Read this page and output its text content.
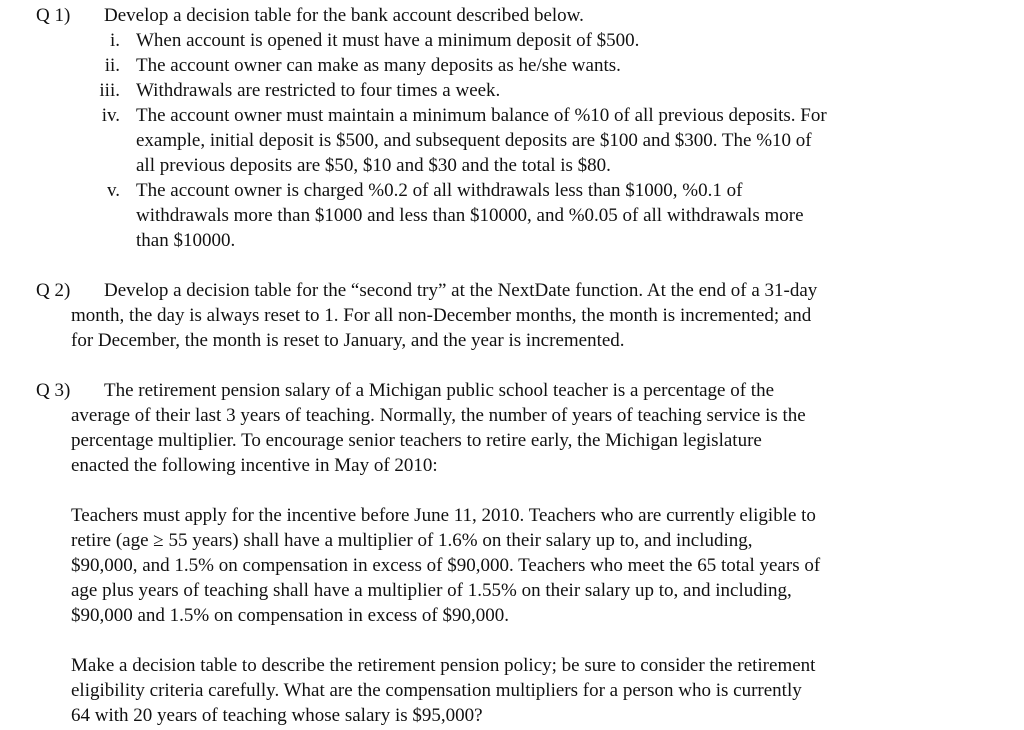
Q 1) Develop a decision table for the bank account described below.
i. When account is opened it must have a minimum deposit of $500.
ii. The account owner can make as many deposits as he/she wants.
iii. Withdrawals are restricted to four times a week.
iv. The account owner must maintain a minimum balance of %10 of all previous deposits. For
example, initial deposit is $500, and subsequent deposits are $100 and $300. The %10 of
all previous deposits are $50, $10 and $30 and the total is $80.
v. The account owner is charged %0.2 of all withdrawals less than $1000, %0.1 of
withdrawals more than $1000 and less than $10000, and %0.05 of all withdrawals more
than $10000.
Q 2) Develop a decision table for the “second try” at the NextDate function. At the end of a 31-day
month, the day is always reset to 1. For all non-December months, the month is incremented; and
for December, the month is reset to January, and the year is incremented.
Q 3) The retirement pension salary of a Michigan public school teacher is a percentage of the
average of their last 3 years of teaching. Normally, the number of years of teaching service is the
percentage multiplier. To encourage senior teachers to retire early, the Michigan legislature
enacted the following incentive in May of 2010:
Teachers must apply for the incentive before June 11, 2010. Teachers who are currently eligible to
retire (age ≥ 55 years) shall have a multiplier of 1.6% on their salary up to, and including,
$90,000, and 1.5% on compensation in excess of $90,000. Teachers who meet the 65 total years of
age plus years of teaching shall have a multiplier of 1.55% on their salary up to, and including,
$90,000 and 1.5% on compensation in excess of $90,000.
Make a decision table to describe the retirement pension policy; be sure to consider the retirement
eligibility criteria carefully. What are the compensation multipliers for a person who is currently
64 with 20 years of teaching whose salary is $95,000?
